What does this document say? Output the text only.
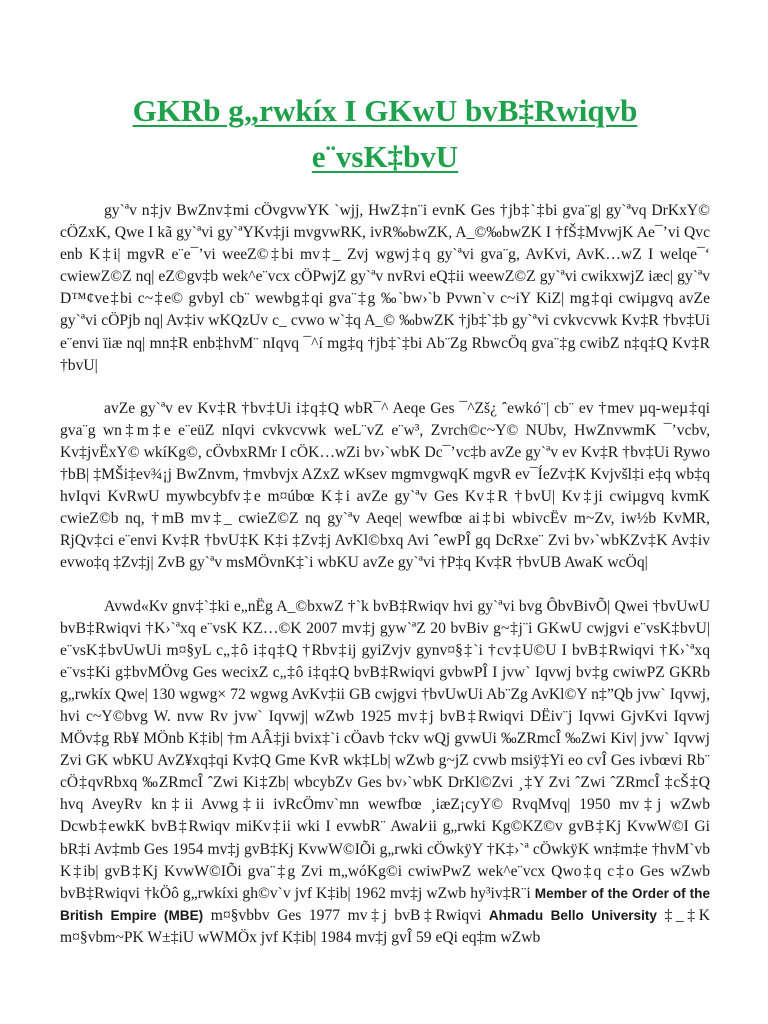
GKRb g„rwkíx I GKwU bvB‡Rwiqvb
e¨vsK‡bvU

gy`ªv n‡jv BwZnv‡mi cÖvgvwYK `wjj, HwZ‡n¨i evnK Ges †jb‡`‡bi gva¨g| gy`ªvq DrKxY© cÖZxK, Qwe I kã gy`ªvi gy`ªYKv‡ji mvgvwRK, ivR‰bwZK, A_©‰bwZK I †fŠ‡MvwjK Ae¯’vi Qvc enb K‡i| mgvR e¨e¯’vi weeZ©‡bi mv‡_ Zvj wgwj‡q gy`ªvi gva¨g, AvKvi, AvK…wZ I welqe¯‘ cwiewZ©Z nq| eZ©gv‡b wek^e¨vcx cÖPwjZ gy`ªv nvRvi eQ‡ii weewZ©Z gy`ªvi cwikxwjZ iæc| gy`ªv D™¢ve‡bi c~‡e© gvbyl cb¨ wewbg‡qi gva¨‡g ‰`bw›`b Pvwn`v c~iY KiZ| mg‡qi cwiµgvq avZe gy`ªvi cÖPjb nq| Av‡iv wKQzUv c_ cvwo w`‡q A_© ‰bwZK †jb‡`‡b gy`ªvi cvkvcvwk Kv‡R †bv‡Ui e¨envi ïiæ nq| mn‡R enb‡hvM¨ nIqvq ¯^í mg‡q †jb‡`‡bi Ab¨Zg RbwcÖq gva¨‡g cwibZ n‡q‡Q Kv‡R †bvU|

avZe gy`ªv ev Kv‡R †bv‡Ui i‡q‡Q wbR¯^ Aeqe Ges ¯^Zš¿ ˆewkó¨| cb¨ ev †mev µq-weµ‡qi gva¨g wn‡m‡e e¨eüZ nIqvi cvkvcvwk weL¨vZ e¨w³, Zvrch©c~Y© NUbv, HwZnvwmK ¯’vcbv, Kv‡jvËxY© wkíKg©, cÖvbxRMr I cÖK…wZi bv›`wbK Dc¯’vc‡b avZe gy`ªv ev Kv‡R †bv‡Ui Rywo †bB| ‡MŠi‡ev¾¡j BwZnvm, †mvbvjx AZxZ wKsev mgmvgwqK mgvR ev¯ÍeZv‡K Kvjvšl‡i e‡q wb‡q hvIqvi KvRwU mywbcybfv‡e m¤úbœ K‡i avZe gy`ªv Ges Kv‡R †bvU| Kv‡ji cwiµgvq kvmK cwieZ©b nq, †mB mv‡_ cwieZ©Z nq gy`ªv Aeqe| wewfbœ ai‡bi wbivcËv m~Zv, iw½b KvMR, RjQv‡ci e¨envi Kv‡R †bvU‡K K‡i ‡Zv‡j AvKl©bxq Avi ˆewPÎ gq DcRxe¨ Zvi bv›`wbKZv‡K Av‡iv evwo‡q ‡Zv‡j| ZvB gy`ªv msMÖvnK‡`i wbKU avZe gy`ªvi †P‡q Kv‡R †bvUB AwaK wcÖq|

Avwd«Kv gnv‡`‡ki e„nËg A_©bxwZ †`k bvB‡Rwiqv hvi gy`ªvi bvg ÔbvBivÕ| Qwei †bvUwU bvB‡Rwiqvi †K›`ªxq e¨vsK KZ…©K 2007 mv‡j gyw`ªZ 20 bvBiv g~‡j¨i GKwU cwjgvi e¨vsK‡bvU| e¨vsK‡bvUwUi m¤§yL c„‡ô i‡q‡Q †Rbv‡ij gyiZvjv gynv¤§‡`i †cv‡U©U I bvB‡Rwiqvi †K›`ªxq e¨vs‡Ki g‡bvMÖvg Ges wecixZ c„‡ô i‡q‡Q bvB‡Rwiqvi gvbwPÎ I jvw` Iqvwj bv‡g cwiwPZ GKRb g„rwkíx Qwe| 130 wgwg× 72 wgwg AvKv‡ii GB cwjgvi †bvUwUi Ab¨Zg AvKl©Y n‡”Qb jvw` Iqvwj, hvi c~Y©bvg W. nvw Rv jvw` Iqvwj| wZwb 1925 mv‡j bvB‡Rwiqvi DËiv¨j Iqvwi GjvKvi Iqvwj MÖv‡g Rb¥ MÖnb K‡ib| †m AÂ‡ji bvix‡`i cÖavb †ckv wQj gvwUi ‰ZRmcÎ ‰Zwi Kiv| jvw` Iqvwj Zvi GK wbKU AvZ¥xq‡qi Kv‡Q Gme KvR wk‡Lb| wZwb g~jZ cvwb msiÿ‡Yi eo cvÎ Ges ivbœvi Rb¨ cÖ‡qvRbxq ‰ZRmcÎ ˆZwi Ki‡Zb| wbcybZv Ges bv›`wbK DrKl©Zvi ¸‡Y Zvi ˆZwi ˆZRmcÎ ‡cŠ‡Q hvq AveyRv kn‡ii Avwg‡ii ivRcÖmv`mn wewfbœ ¸iæZ¡cyY© RvqMvq| 1950 mv‡j wZwb Dcwb‡ewkK bvB‡Rwiqv miKv‡ii wki I evwbR¨ Awa߇ii g„rwki Kg©KZ©v gvB‡Kj KvwW©I Gi bR‡i Av‡mb Ges 1954 mv‡j gvB‡Kj KvwW©IÕi g„rwki cÖwkÿY †K‡›`ª cÖwkÿK wn‡m‡e †hvM`vb K‡ib| gvB‡Kj KvwW©IÕi gva¨‡g Zvi m„wóKg©i cwiwPwZ wek^e¨vcx Qwo‡q c‡o Ges wZwb bvB‡Rwiqvi †kÖô g„rwkíxi gh©v`v jvf K‡ib| 1962 mv‡j wZwb hy³iv‡R¨i Member of the Order of the British Empire (MBE) m¤§vbbv Ges 1977 mv‡j bvB‡Rwiqvi Ahmadu Bello University ‡_‡K m¤§vbm~PK W±‡iU wWMÖx jvf K‡ib| 1984 mv‡j gvÎ 59 eQi eq‡m wZwb
